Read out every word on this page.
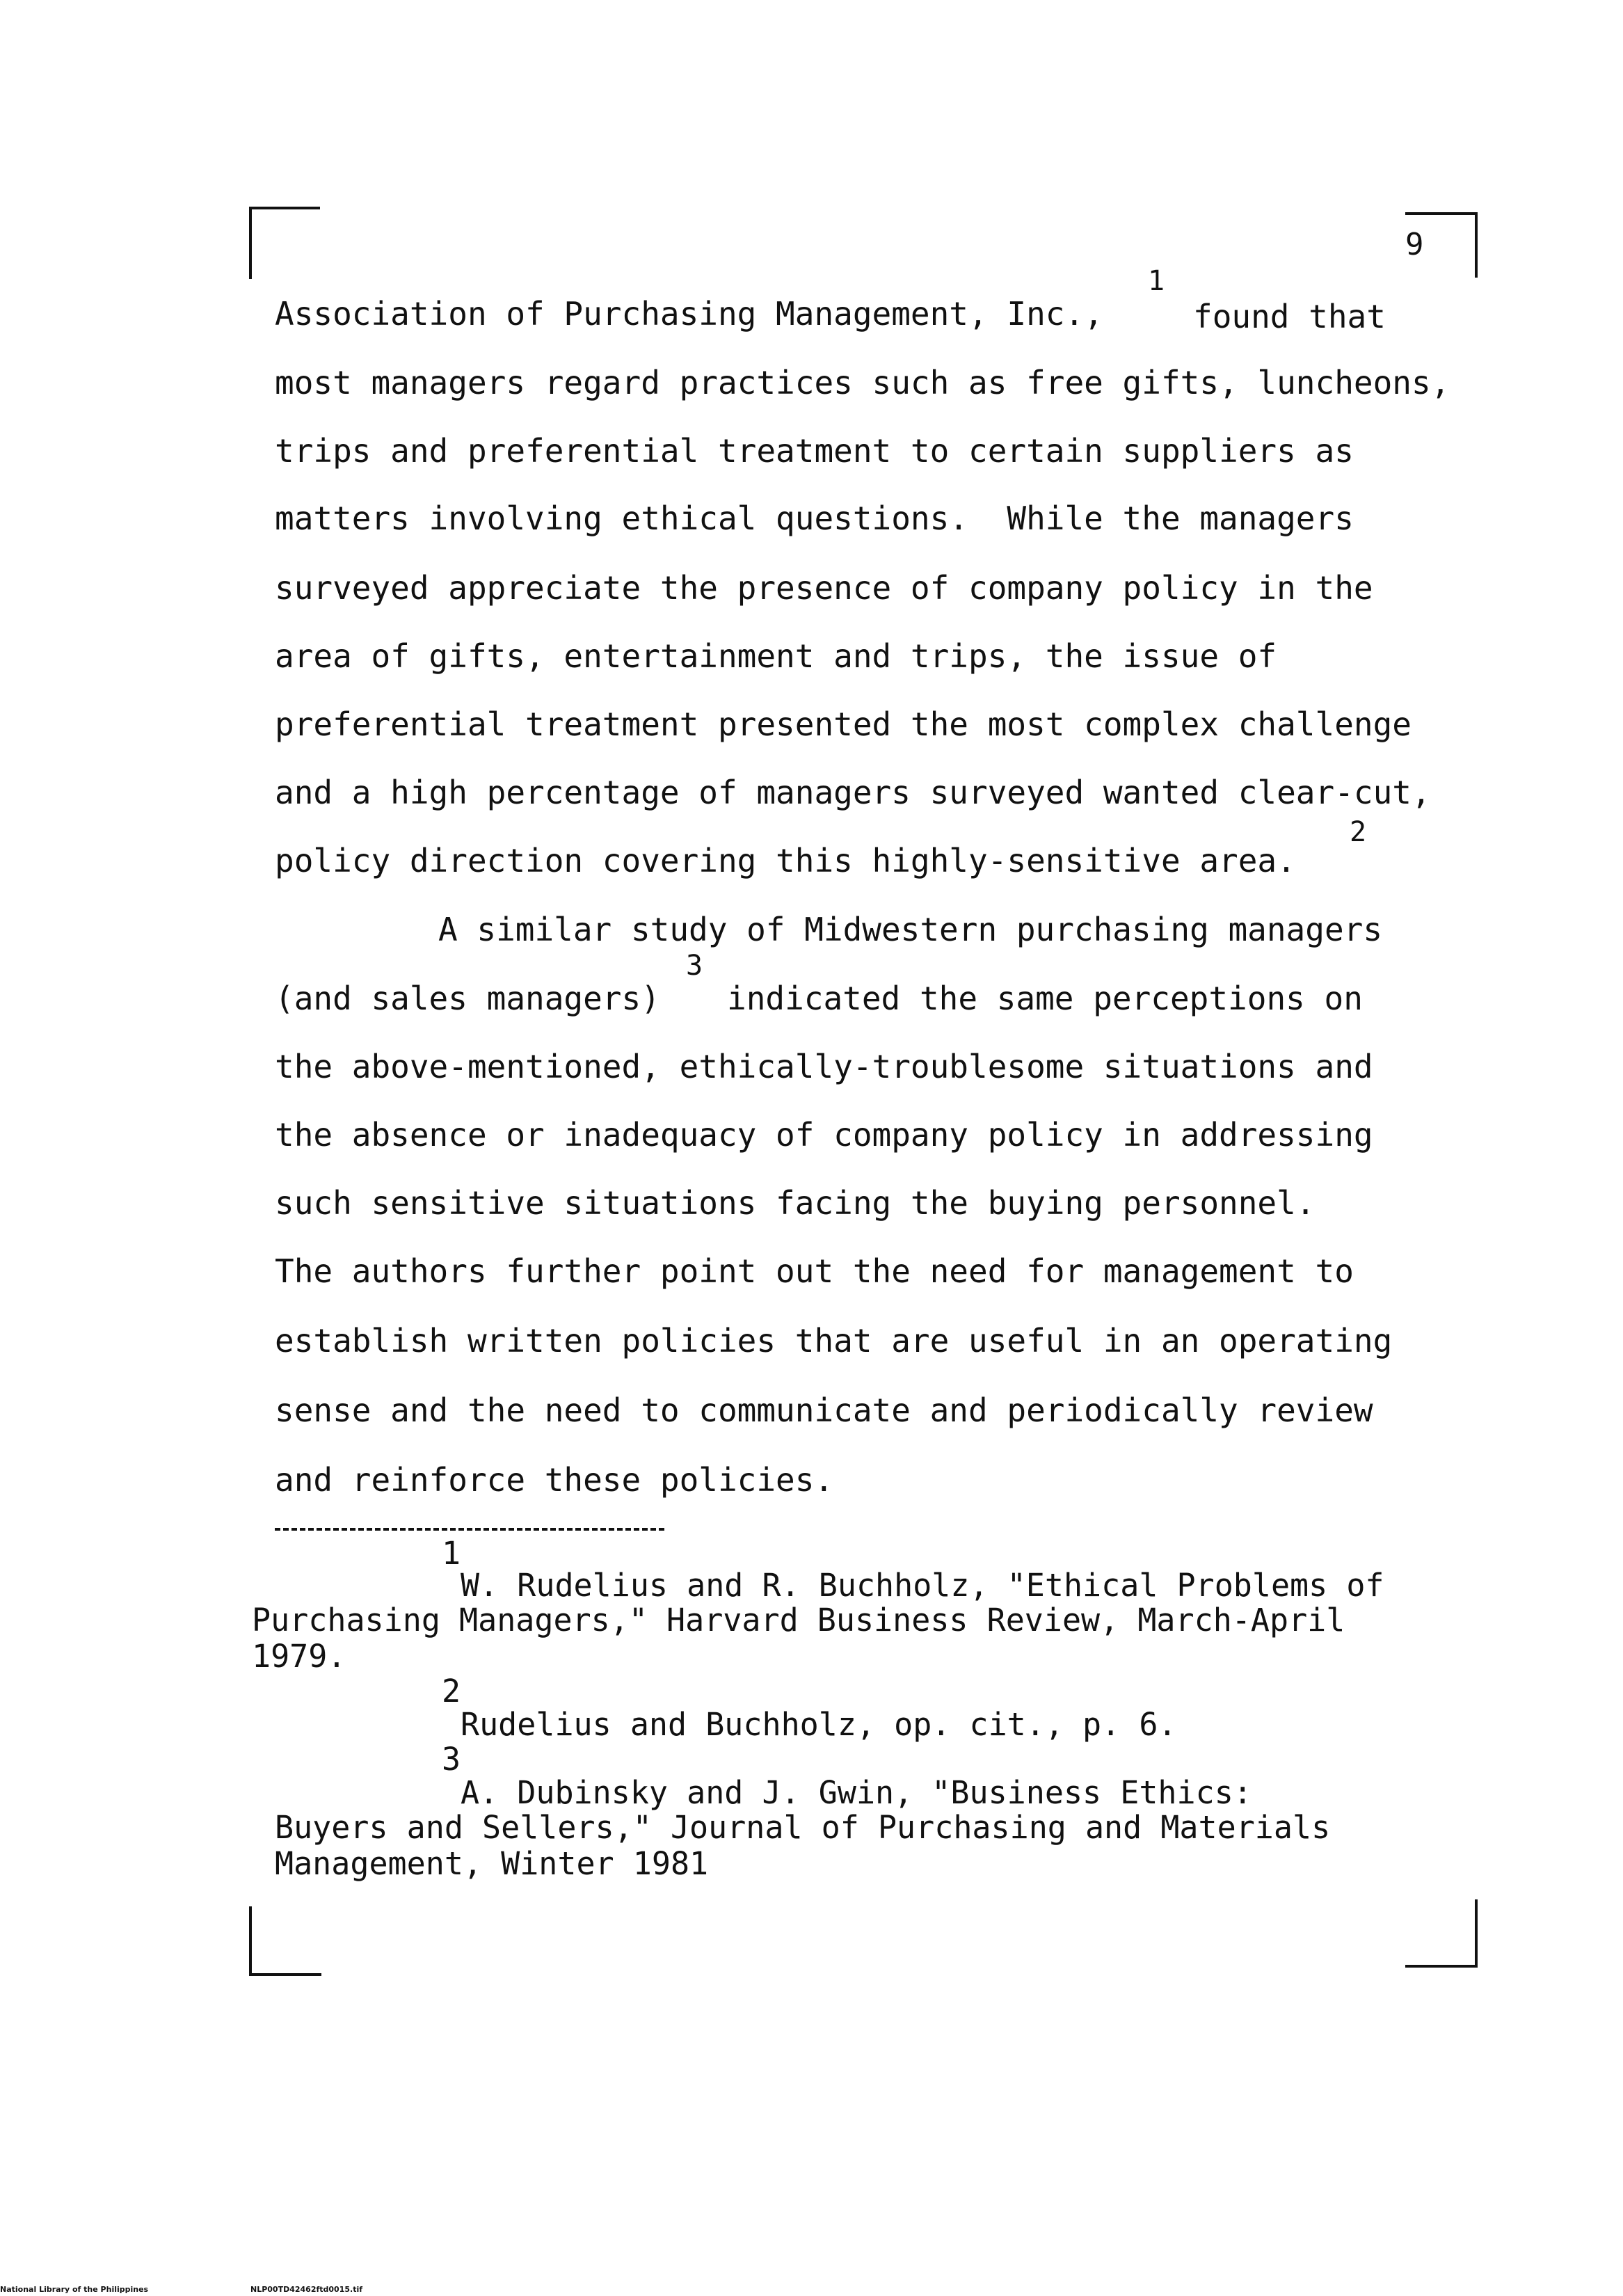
9
1
Association of Purchasing Management, Inc.,	found that
most managers regard practices such as free gifts, luncheons,
trips and preferential treatment to certain suppliers as
matters involving ethical questions.  While the managers
surveyed appreciate the presence of company policy in the
area of gifts, entertainment and trips, the issue of
preferential treatment presented the most complex challenge
and a high percentage of managers surveyed wanted clear-cut,
2
policy direction covering this highly-sensitive area.
A similar study of Midwestern purchasing managers
3
(and sales managers) indicated the same perceptions on
the above-mentioned, ethically-troublesome situations and
the absence or inadequacy of company policy in addressing
such sensitive situations facing the buying personnel.
The authors further point out the need for management to
establish written policies that are useful in an operating
sense and the need to communicate and periodically review
and reinforce these policies.
1
W. Rudelius and R. Buchholz, "Ethical Problems of
Purchasing Managers," Harvard Business Review, March-April
1979.
2
Rudelius and Buchholz, op. cit., p. 6.
3
A. Dubinsky and J. Gwin, "Business Ethics:
Buyers and Sellers," Journal of Purchasing and Materials
Management, Winter 1981
National Library of the Philippines	NLP00TD42462ftd0015.tif
